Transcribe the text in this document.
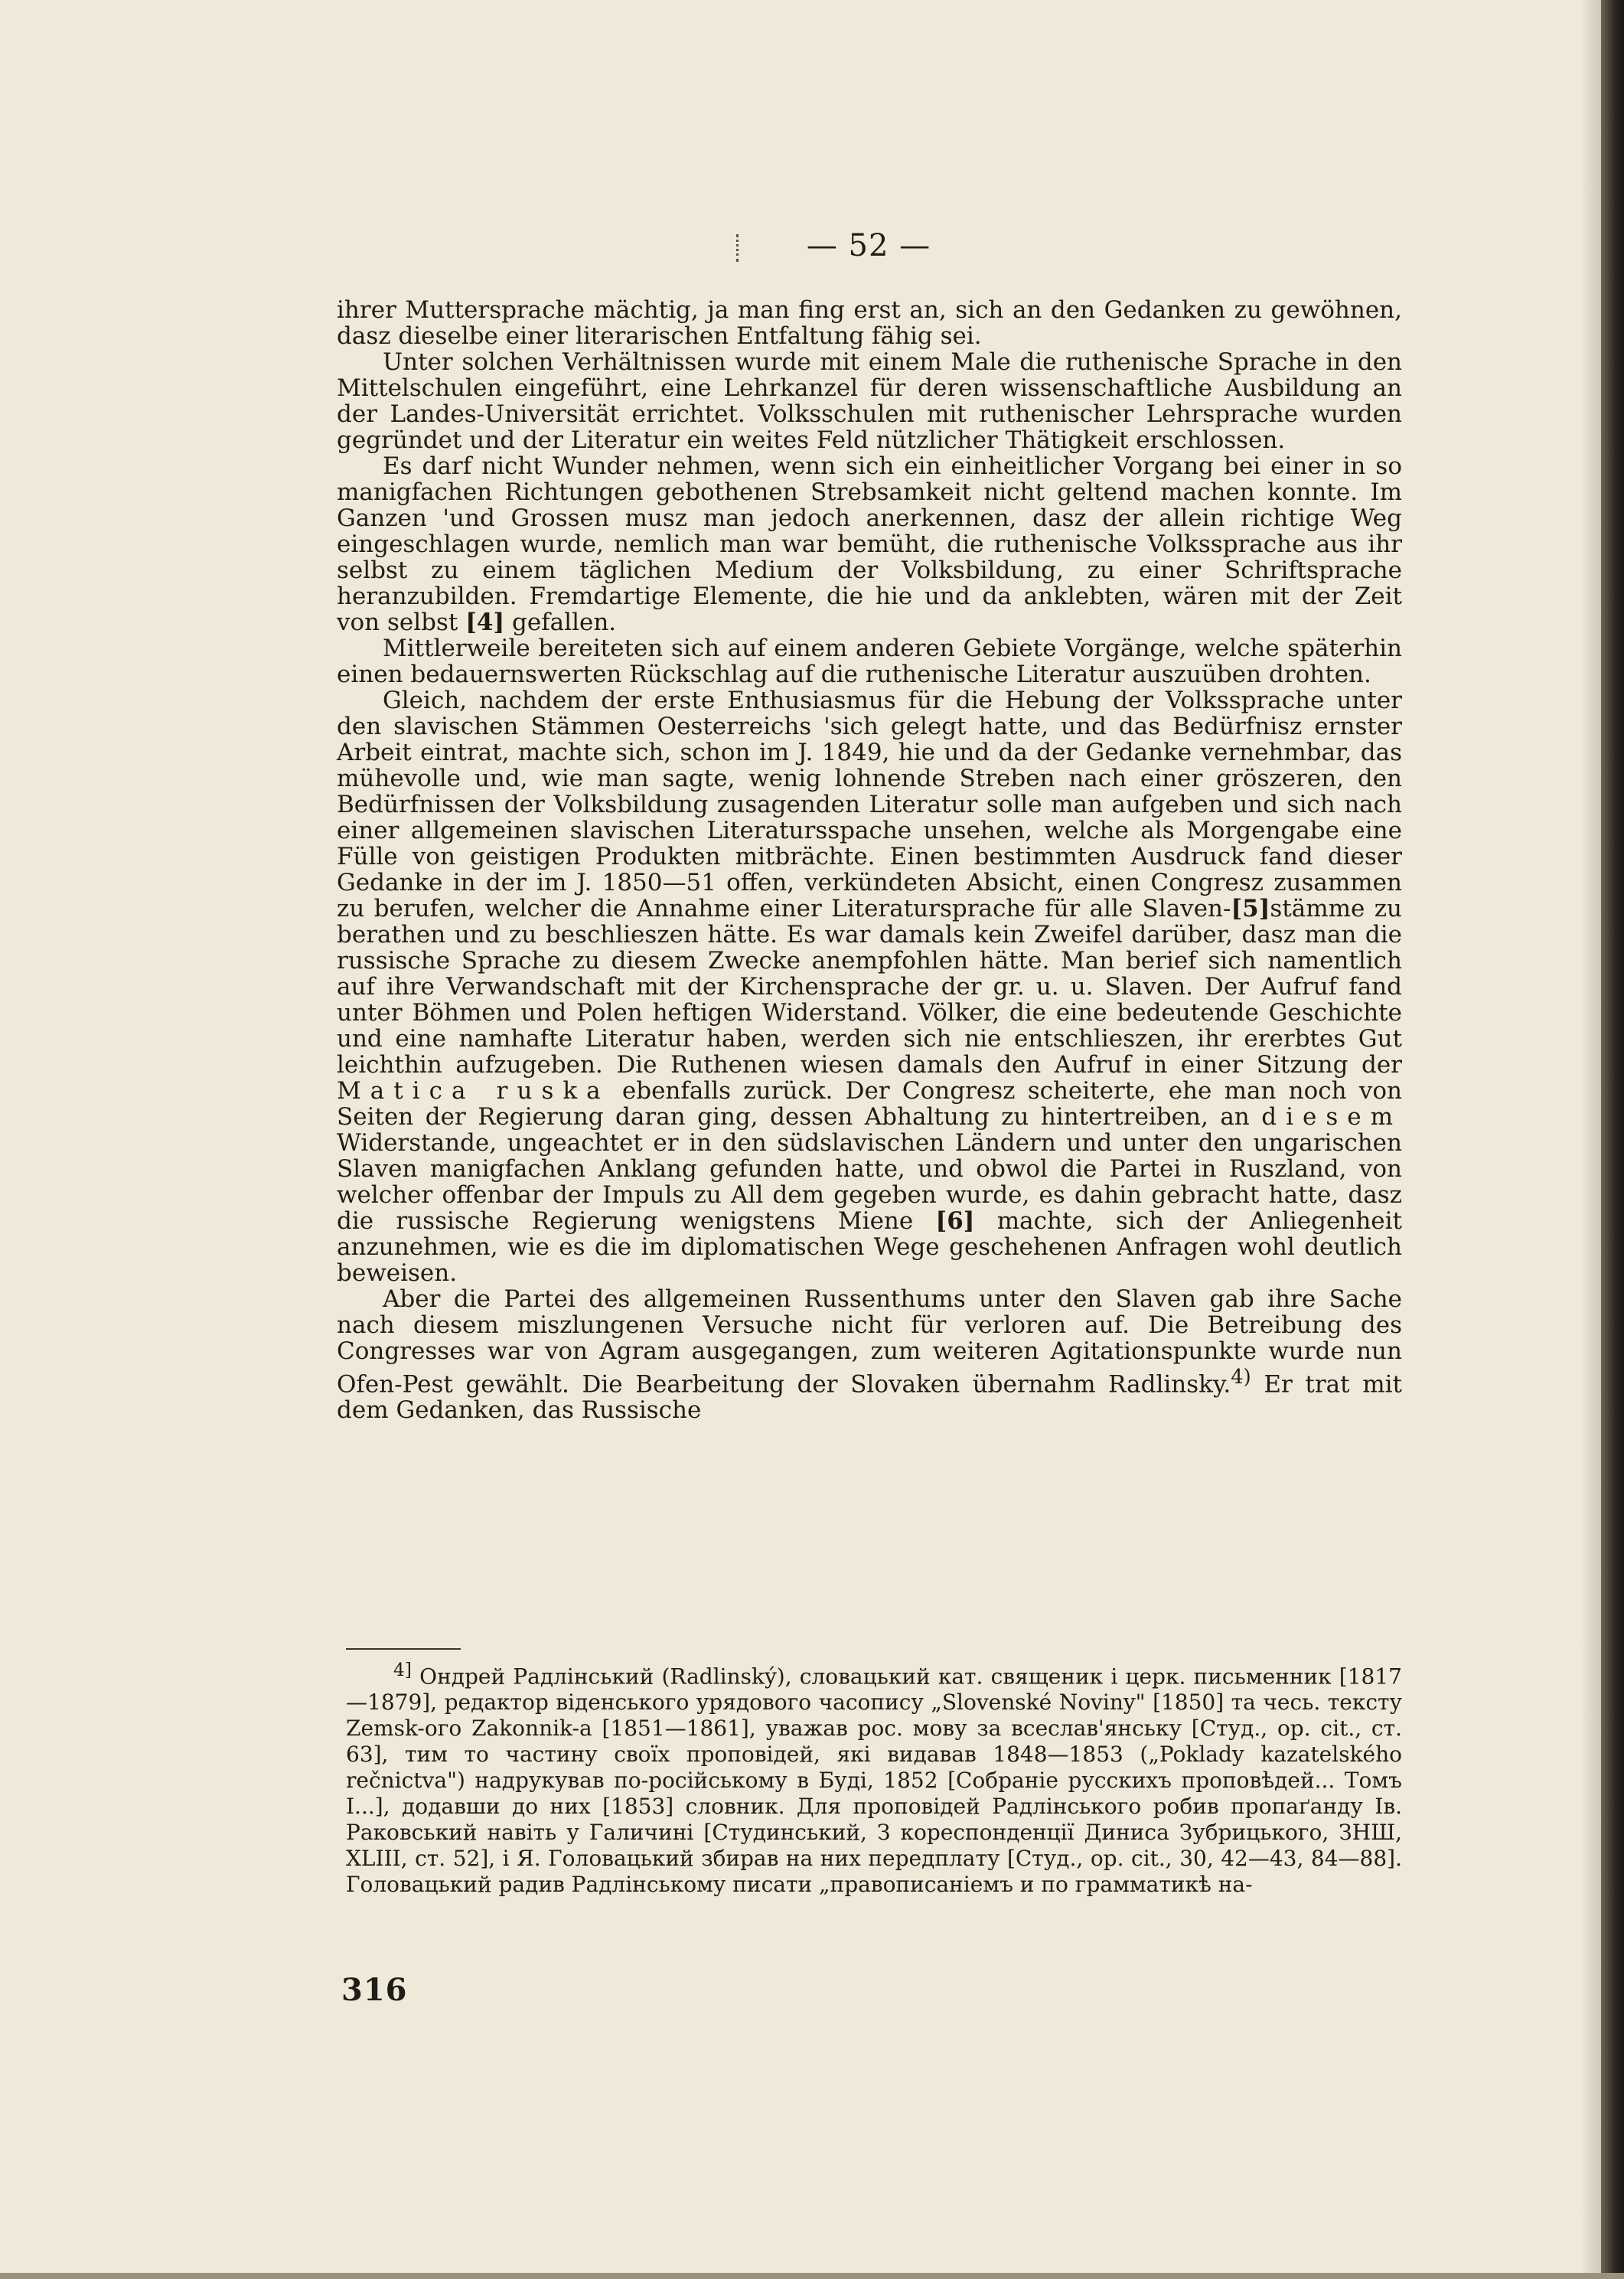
— 52 —

ihrer Muttersprache mächtig, ja man fing erst an, sich an den Gedanken zu gewöhnen, dasz dieselbe einer literarischen Entfaltung fähig sei.

Unter solchen Verhältnissen wurde mit einem Male die ruthenische Sprache in den Mittelschulen eingeführt, eine Lehrkanzel für deren wissenschaftliche Ausbildung an der Landes-Universität errichtet. Volksschulen mit ruthenischer Lehrsprache wurden gegründet und der Literatur ein weites Feld nützlicher Thätigkeit erschlossen.

Es darf nicht Wunder nehmen, wenn sich ein einheitlicher Vorgang bei einer in so manigfachen Richtungen gebothenen Strebsamkeit nicht geltend machen konnte. Im Ganzen 'und Grossen musz man jedoch anerkennen, dasz der allein richtige Weg eingeschlagen wurde, nemlich man war bemüht, die ruthenische Volkssprache aus ihr selbst zu einem täglichen Medium der Volksbildung, zu einer Schriftsprache heranzubilden. Fremdartige Elemente, die hie und da anklebten, wären mit der Zeit von selbst [4] gefallen.

Mittlerweile bereiteten sich auf einem anderen Gebiete Vorgänge, welche späterhin einen bedauernswerten Rückschlag auf die ruthenische Literatur auszuüben drohten.

Gleich, nachdem der erste Enthusiasmus für die Hebung der Volkssprache unter den slavischen Stämmen Oesterreichs 'sich gelegt hatte, und das Bedürfnisz ernster Arbeit eintrat, machte sich, schon im J. 1849, hie und da der Gedanke vernehmbar, das mühevolle und, wie man sagte, wenig lohnende Streben nach einer gröszeren, den Bedürfnissen der Volksbildung zusagenden Literatur solle man aufgeben und sich nach einer allgemeinen slavischen Literatursspache unsehen, welche als Morgengabe eine Fülle von geistigen Produkten mitbrächte. Einen bestimmten Ausdruck fand dieser Gedanke in der im J. 1850—51 offen, verkündeten Absicht, einen Congresz zusammen zu berufen, welcher die Annahme einer Literatursprache für alle Slaven-[5]stämme zu berathen und zu beschlieszen hätte. Es war damals kein Zweifel darüber, dasz man die russische Sprache zu diesem Zwecke anempfohlen hätte. Man berief sich namentlich auf ihre Verwandschaft mit der Kirchensprache der gr. u. u. Slaven. Der Aufruf fand unter Böhmen und Polen heftigen Widerstand. Völker, die eine bedeutende Geschichte und eine namhafte Literatur haben, werden sich nie entschlieszen, ihr ererbtes Gut leichthin aufzugeben. Die Ruthenen wiesen damals den Aufruf in einer Sitzung der Matica ruska ebenfalls zurück. Der Congresz scheiterte, ehe man noch von Seiten der Regierung daran ging, dessen Abhaltung zu hintertreiben, an diesem Widerstande, ungeachtet er in den südslavischen Ländern und unter den ungarischen Slaven manigfachen Anklang gefunden hatte, und obwol die Partei in Ruszland, von welcher offenbar der Impuls zu All dem gegeben wurde, es dahin gebracht hatte, dasz die russische Regierung wenigstens Miene [6] machte, sich der Anliegenheit anzunehmen, wie es die im diplomatischen Wege geschehenen Anfragen wohl deutlich beweisen.

Aber die Partei des allgemeinen Russenthums unter den Slaven gab ihre Sache nach diesem miszlungenen Versuche nicht für verloren auf. Die Betreibung des Congresses war von Agram ausgegangen, zum weiteren Agitationspunkte wurde nun Ofen-Pest gewählt. Die Bearbeitung der Slovaken übernahm Radlinsky.$^{4)}$ Er trat mit dem Gedanken, das Russische

$^{4]}$ Ондрей Радлінський (Radlinský), словацький кат. священик і церк. письменник [1817—1879], редактор віденського урядового часопису „Slovenské Noviny" [1850] та чесь. тексту Zemsk-ого Zakonnik-a [1851—1861], уважав рос. мову за всеслав'янську [Студ., op. cit., ст. 63], тим то частину своїх проповідей, які видавав 1848—1853 („Poklady kazatelského rečnictva") надрукував по-російському в Буді, 1852 [Собраніе русскихъ проповѣдей... Томъ I...], додавши до них [1853] словник. Для проповідей Радлінського робив пропаґанду Ів. Раковський навіть у Галичині [Студинський, З кореспонденції Диниса Зубрицького, ЗНШ, XLIII, ст. 52], і Я. Головацький збирав на них передплату [Студ., op. cit., 30, 42—43, 84—88]. Головацький радив Радлінському писати „правописаніемъ и по грамматикѣ на-

316
